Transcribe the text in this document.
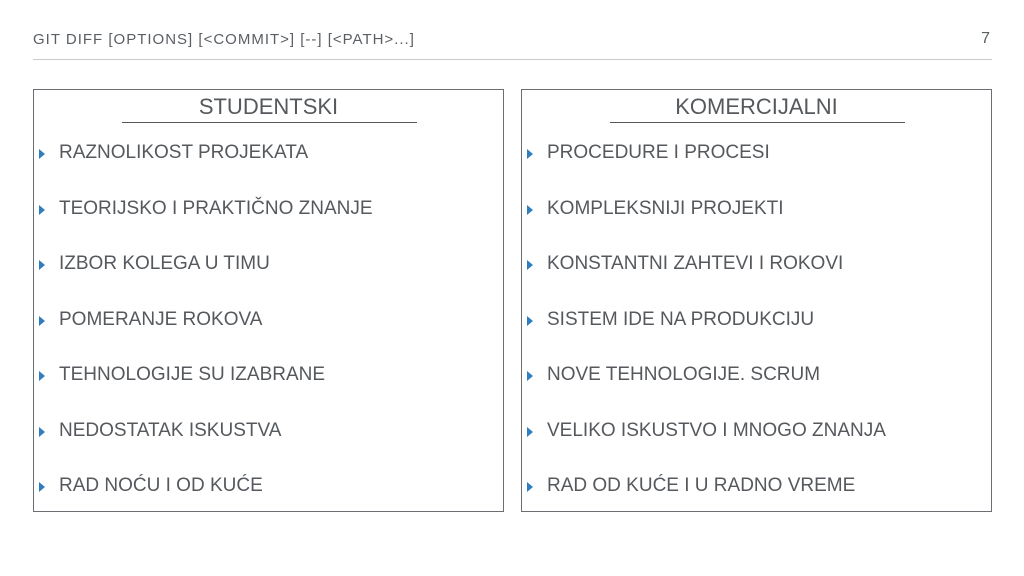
GIT DIFF [OPTIONS] [<COMMIT>] [--] [<PATH>...]	7
STUDENTSKI
RAZNOLIKOST PROJEKATA
TEORIJSKO I PRAKTIČNO ZNANJE
IZBOR KOLEGA U TIMU
POMERANJE ROKOVA
TEHNOLOGIJE SU IZABRANE
NEDOSTATAK ISKUSTVA
RAD NOĆU I OD KUĆE
KOMERCIJALNI
PROCEDURE I PROCESI
KOMPLEKSNIJI PROJEKTI
KONSTANTNI ZAHTEVI I ROKOVI
SISTEM IDE NA PRODUKCIJU
NOVE TEHNOLOGIJE. SCRUM
VELIKO ISKUSTVO I MNOGO ZNANJA
RAD OD KUĆE I U RADNO VREME
